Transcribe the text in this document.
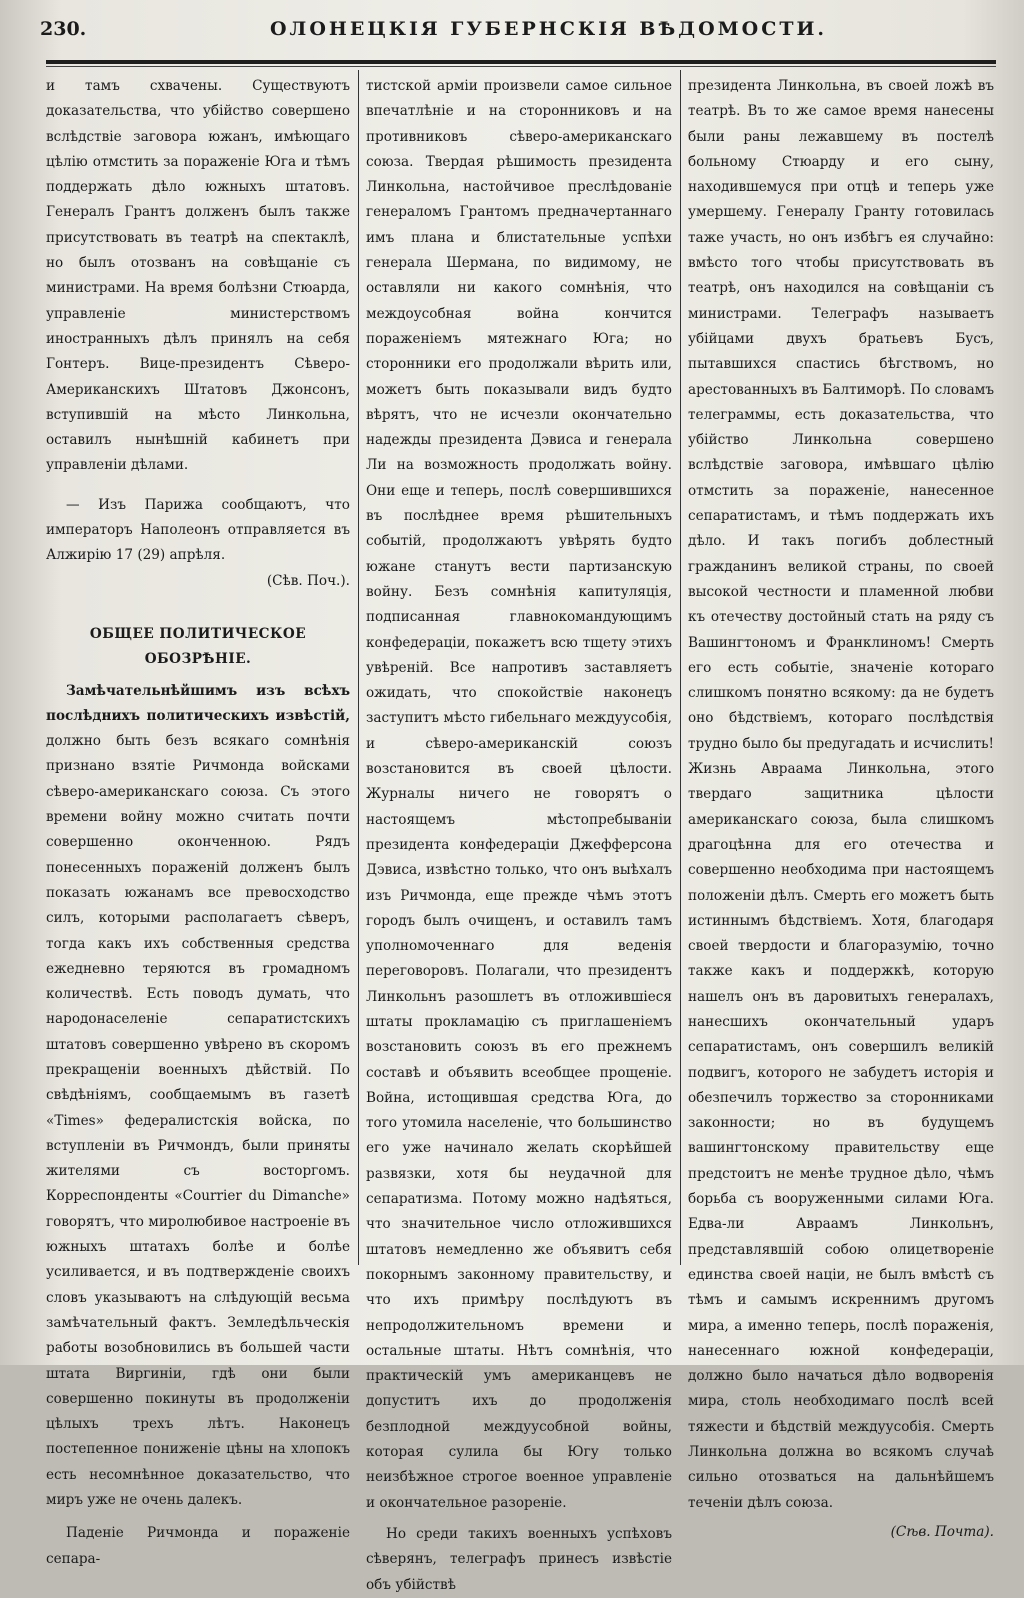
230.	ОЛОНЕЦКІЯ ГУБЕРНСКІЯ ВѢДОМОСТИ.

и тамъ схвачены. Существуютъ доказательства, что убійство совершено вслѣдствіе заговора южанъ, имѣющаго цѣлію отмстить за пораженіе Юга и тѣмъ поддержать дѣло южныхъ штатовъ. Генералъ Грантъ долженъ былъ также присутствовать въ театрѣ на спектаклѣ, но былъ отозванъ на совѣщаніе съ министрами. На время болѣзни Стюарда, управленіе министерствомъ иностранныхъ дѣлъ принялъ на себя Гонтеръ. Вице-президентъ Сѣверо-Американскихъ Штатовъ Джонсонъ, вступившій на мѣсто Линкольна, оставилъ нынѣшній кабинетъ при управленіи дѣлами.

— Изъ Парижа сообщаютъ, что императоръ Наполеонъ отправляется въ Алжирію 17 (29) апрѣля.

(Сѣв. Поч.).

ОБЩЕЕ ПОЛИТИЧЕСКОЕ ОБОЗРѢНІЕ.

Замѣчательнѣйшимъ изъ всѣхъ послѣднихъ политическихъ извѣстій, должно быть безъ всякаго сомнѣнія признано взятіе Ричмонда войсками сѣверо-американскаго союза. Съ этого времени войну можно считать почти совершенно оконченною. Рядъ понесенныхъ пораженій долженъ былъ показать южанамъ все превосходство силъ, которыми располагаетъ сѣверъ, тогда какъ ихъ собственныя средства ежедневно теряются въ громадномъ количествѣ. Есть поводъ думать, что народонаселеніе сепаратистскихъ штатовъ совершенно увѣрено въ скоромъ прекращеніи военныхъ дѣйствій. По свѣдѣніямъ, сообщаемымъ въ газетѣ «Times» федералистскія войска, по вступленіи въ Ричмондъ, были приняты жителями съ восторгомъ. Корреспонденты «Courrier du Dimanche» говорятъ, что миролюбивое настроеніе въ южныхъ штатахъ болѣе и болѣе усиливается, и въ подтвержденіе своихъ словъ указываютъ на слѣдующій весьма замѣчательный фактъ. Земледѣльческія работы возобновились въ большей части штата Виргиніи, гдѣ они были совершенно покинуты въ продолженіи цѣлыхъ трехъ лѣтъ. Наконецъ постепенное пониженіе цѣны на хлопокъ есть несомнѣнное доказательство, что миръ уже не очень далекъ.

Паденіе Ричмонда и пораженіе сепара-

тистской арміи произвели самое сильное впечатлѣніе и на сторонниковъ и на противниковъ сѣверо-американскаго союза. Твердая рѣшимость президента Линкольна, настойчивое преслѣдованіе генераломъ Грантомъ предначертаннаго имъ плана и блистательные успѣхи генерала Шермана, по видимому, не оставляли ни какого сомнѣнія, что междоусобная война кончится пораженіемъ мятежнаго Юга; но сторонники его продолжали вѣрить или, можетъ быть показывали видъ будто вѣрятъ, что не исчезли окончательно надежды президента Дэвиса и генерала Ли на возможность продолжать войну. Они еще и теперь, послѣ совершившихся въ послѣднее время рѣшительныхъ событій, продолжаютъ увѣрять будто южане станутъ вести партизанскую войну. Безъ сомнѣнія капитуляція, подписанная главнокомандующимъ конфедераціи, покажетъ всю тщету этихъ увѣреній. Все напротивъ заставляетъ ожидать, что спокойствіе наконецъ заступитъ мѣсто гибельнаго междуусобія, и сѣверо-американскій союзъ возстановится въ своей цѣлости. Журналы ничего не говорятъ о настоящемъ мѣстопребываніи президента конфедераціи Джефферсона Дэвиса, извѣстно только, что онъ выѣхалъ изъ Ричмонда, еще прежде чѣмъ этотъ городъ былъ очищенъ, и оставилъ тамъ уполномоченнаго для веденія переговоровъ. Полагали, что президентъ Линкольнъ разошлетъ въ отложившіеся штаты прокламацію съ приглашеніемъ возстановить союзъ въ его прежнемъ составѣ и объявить всеобщее прощеніе. Война, истощившая средства Юга, до того утомила населеніе, что большинство его уже начинало желать скорѣйшей развязки, хотя бы неудачной для сепаратизма. Потому можно надѣяться, что значительное число отложившихся штатовъ немедленно же объявитъ себя покорнымъ законному правительству, и что ихъ примѣру послѣдуютъ въ непродолжительномъ времени и остальные штаты. Нѣтъ сомнѣнія, что практическій умъ американцевъ не допуститъ ихъ до продолженія безплодной междуусобной войны, которая сулила бы Югу только неизбѣжное строгое военное управленіе и окончательное разореніе.

Но среди такихъ военныхъ успѣховъ сѣверянъ, телеграфъ принесъ извѣстіе объ убійствѣ

президента Линкольна, въ своей ложѣ въ театрѣ. Въ то же самое время нанесены были раны лежавшему въ постелѣ больному Стюарду и его сыну, находившемуся при отцѣ и теперь уже умершему. Генералу Гранту готовилась таже участь, но онъ избѣгъ ея случайно: вмѣсто того чтобы присутствовать въ театрѣ, онъ находился на совѣщаніи съ министрами. Телеграфъ называетъ убійцами двухъ братьевъ Бусъ, пытавшихся спастись бѣгствомъ, но арестованныхъ въ Балтиморѣ. По словамъ телеграммы, есть доказательства, что убійство Линкольна совершено вслѣдствіе заговора, имѣвшаго цѣлію отмстить за пораженіе, нанесенное сепаратистамъ, и тѣмъ поддержать ихъ дѣло. И такъ погибъ доблестный гражданинъ великой страны, по своей высокой честности и пламенной любви къ отечеству достойный стать на ряду съ Вашингтономъ и Франклиномъ! Смерть его есть событіе, значеніе котораго слишкомъ понятно всякому: да не будетъ оно бѣдствіемъ, котораго послѣдствія трудно было бы предугадать и исчислить! Жизнь Авраама Линкольна, этого твердаго защитника цѣлости американскаго союза, была слишкомъ драгоцѣнна для его отечества и совершенно необходима при настоящемъ положеніи дѣлъ. Смерть его можетъ быть истиннымъ бѣдствіемъ. Хотя, благодаря своей твердости и благоразумію, точно также какъ и поддержкѣ, которую нашелъ онъ въ даровитыхъ генералахъ, нанесшихъ окончательный ударъ сепаратистамъ, онъ совершилъ великій подвигъ, которого не забудетъ исторія и обезпечилъ торжество за сторонниками законности; но въ будущемъ вашингтонскому правительству еще предстоитъ не менѣе трудное дѣло, чѣмъ борьба съ вооруженными силами Юга. Едва-ли Авраамъ Линкольнъ, представлявшій собою олицетвореніе единства своей націи, не былъ вмѣстѣ съ тѣмъ и самымъ искреннимъ другомъ мира, а именно теперь, послѣ пораженія, нанесеннаго южной конфедераціи, должно было начаться дѣло водворенія мира, столь необходимаго послѣ всей тяжести и бѣдствій междуусобія. Смерть Линкольна должна во всякомъ случаѣ сильно отозваться на дальнѣйшемъ теченіи дѣлъ союза.

(Сѣв. Почта).
